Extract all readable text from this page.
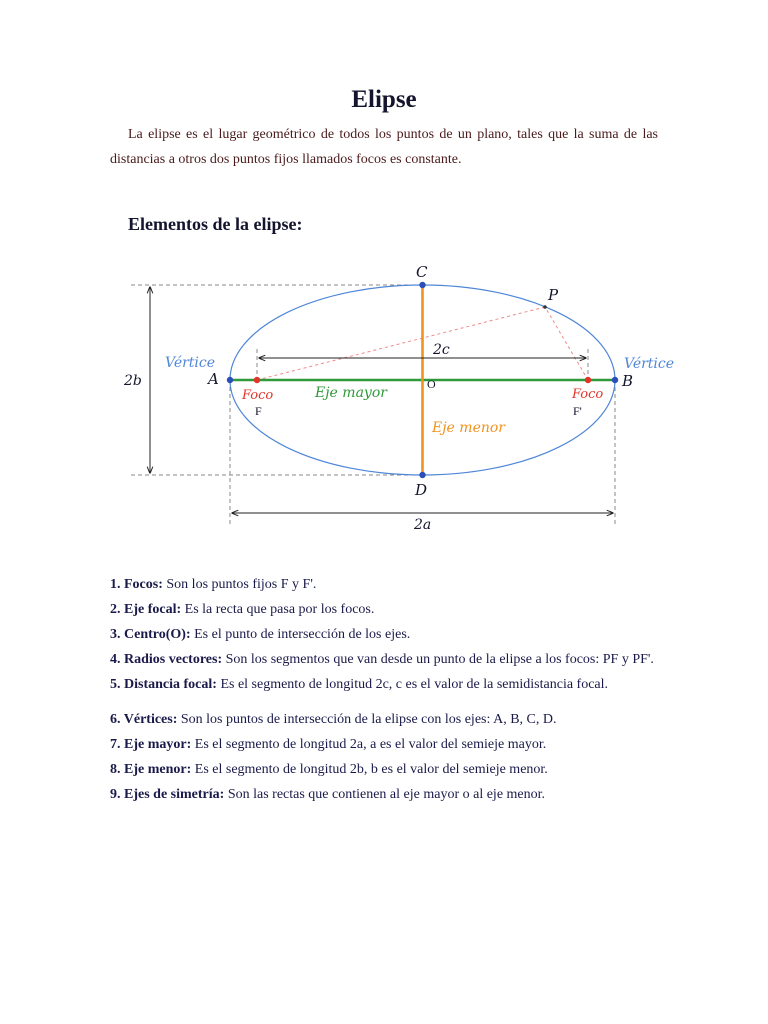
Elipse
La elipse es el lugar geométrico de todos los puntos de un plano, tales que la suma de las distancias a otros dos puntos fijos llamados focos es constante.
Elementos de la elipse:
C
D
A	B
P
2c
2a
2b	O
F	F'
Vértice	Vértice
Foco	Foco
Eje mayor
Eje menor
1. Focos: Son los puntos fijos F y F'.
2. Eje focal: Es la recta que pasa por los focos.
3. Centro(O): Es el punto de intersección de los ejes.
4. Radios vectores: Son los segmentos que van desde un punto de la elipse a los focos: PF y PF'.
5. Distancia focal: Es el segmento de longitud 2c, c es el valor de la semidistancia focal.
6. Vértices: Son los puntos de intersección de la elipse con los ejes: A, B, C, D.
7. Eje mayor: Es el segmento de longitud 2a, a es el valor del semieje mayor.
8. Eje menor: Es el segmento de longitud 2b, b es el valor del semieje menor.
9. Ejes de simetría: Son las rectas que contienen al eje mayor o al eje menor.
